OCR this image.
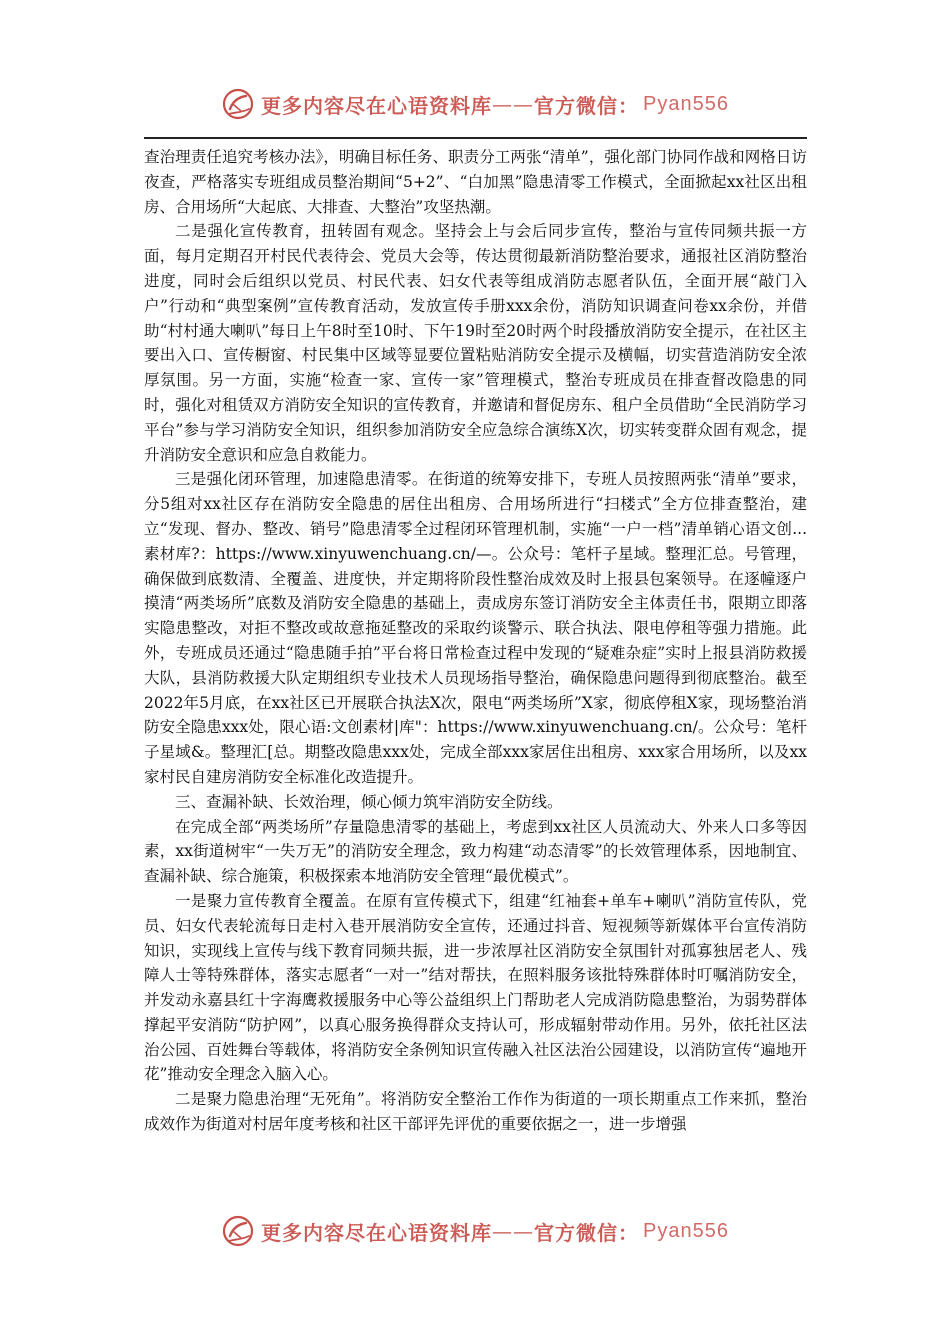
更多内容尽在心语资料库 —— 官方微信： Pyan556

查治理责任追究考核办法》，明确目标任务、职责分工两张“清单”，强化部门协同作战和网格日访夜查，严格落实专班组成员整治期间“5+2”、“白加黑”隐患清零工作模式，全面掀起xx社区出租房、合用场所“大起底、大排查、大整治”攻坚热潮。

二是强化宣传教育，扭转固有观念。坚持会上与会后同步宣传，整治与宣传同频共振一方面，每月定期召开村民代表待会、党员大会等，传达贯彻最新消防整治要求，通报社区消防整治进度，同时会后组织以党员、村民代表、妇女代表等组成消防志愿者队伍，全面开展“敲门入户”行动和“典型案例”宣传教育活动，发放宣传手册xxx余份，消防知识调查问卷xx余份，并借助“村村通大喇叭”每日上午8时至10时、下午19时至20时两个时段播放消防安全提示，在社区主要出入口、宣传橱窗、村民集中区域等显要位置粘贴消防安全提示及横幅，切实营造消防安全浓厚氛围。另一方面，实施“检查一家、宣传一家”管理模式，整治专班成员在排查督改隐患的同时，强化对租赁双方消防安全知识的宣传教育，并邀请和督促房东、租户全员借助“全民消防学习平台”参与学习消防安全知识，组织参加消防安全应急综合演练X次，切实转变群众固有观念，提升消防安全意识和应急自救能力。

三是强化闭环管理，加速隐患清零。在街道的统筹安排下，专班人员按照两张“清单”要求，分5组对xx社区存在消防安全隐患的居住出租房、合用场所进行“扫楼式”全方位排查整治，建立“发现、督办、整改、销号”隐患清零全过程闭环管理机制，实施“一户一档”清单销心语文创...素材库?：https://www.xinyuwenchuang.cn/—。公众号：笔杆子星域。整理汇总。号管理，确保做到底数清、全覆盖、进度快，并定期将阶段性整治成效及时上报县包案领导。在逐幢逐户摸清“两类场所”底数及消防安全隐患的基础上，责成房东签订消防安全主体责任书，限期立即落实隐患整改，对拒不整改或故意拖延整改的采取约谈警示、联合执法、限电停租等强力措施。此外，专班成员还通过“隐患随手拍”平台将日常检查过程中发现的“疑难杂症”实时上报县消防救援大队，县消防救援大队定期组织专业技术人员现场指导整治，确保隐患问题得到彻底整治。截至2022年5月底，在xx社区已开展联合执法X次，限电“两类场所”X家，彻底停租X家，现场整治消防安全隐患xxx处，限心语:文创素材|库"：https://www.xinyuwenchuang.cn/。公众号：笔杆子星域&。整理汇[总。期整改隐患xxx处，完成全部xxx家居住出租房、xxx家合用场所，以及xx家村民自建房消防安全标准化改造提升。

三、查漏补缺、长效治理，倾心倾力筑牢消防安全防线。

在完成全部“两类场所”存量隐患清零的基础上，考虑到xx社区人员流动大、外来人口多等因素，xx街道树牢“一失万无”的消防安全理念，致力构建“动态清零”的长效管理体系，因地制宜、查漏补缺、综合施策，积极探索本地消防安全管理“最优模式”。

一是聚力宣传教育全覆盖。在原有宣传模式下，组建“红袖套+单车+喇叭”消防宣传队，党员、妇女代表轮流每日走村入巷开展消防安全宣传，还通过抖音、短视频等新媒体平台宣传消防知识，实现线上宣传与线下教育同频共振，进一步浓厚社区消防安全氛围针对孤寡独居老人、残障人士等特殊群体，落实志愿者“一对一”结对帮扶，在照料服务该批特殊群体时叮嘱消防安全，并发动永嘉县红十字海鹰救援服务中心等公益组织上门帮助老人完成消防隐患整治，为弱势群体撑起平安消防“防护网”，以真心服务换得群众支持认可，形成辐射带动作用。另外，依托社区法治公园、百姓舞台等载体，将消防安全条例知识宣传融入社区法治公园建设，以消防宣传“遍地开花”推动安全理念入脑入心。

二是聚力隐患治理“无死角”。将消防安全整治工作作为街道的一项长期重点工作来抓，整治成效作为街道对村居年度考核和社区干部评先评优的重要依据之一，进一步增强

更多内容尽在心语资料库 —— 官方微信： Pyan556
